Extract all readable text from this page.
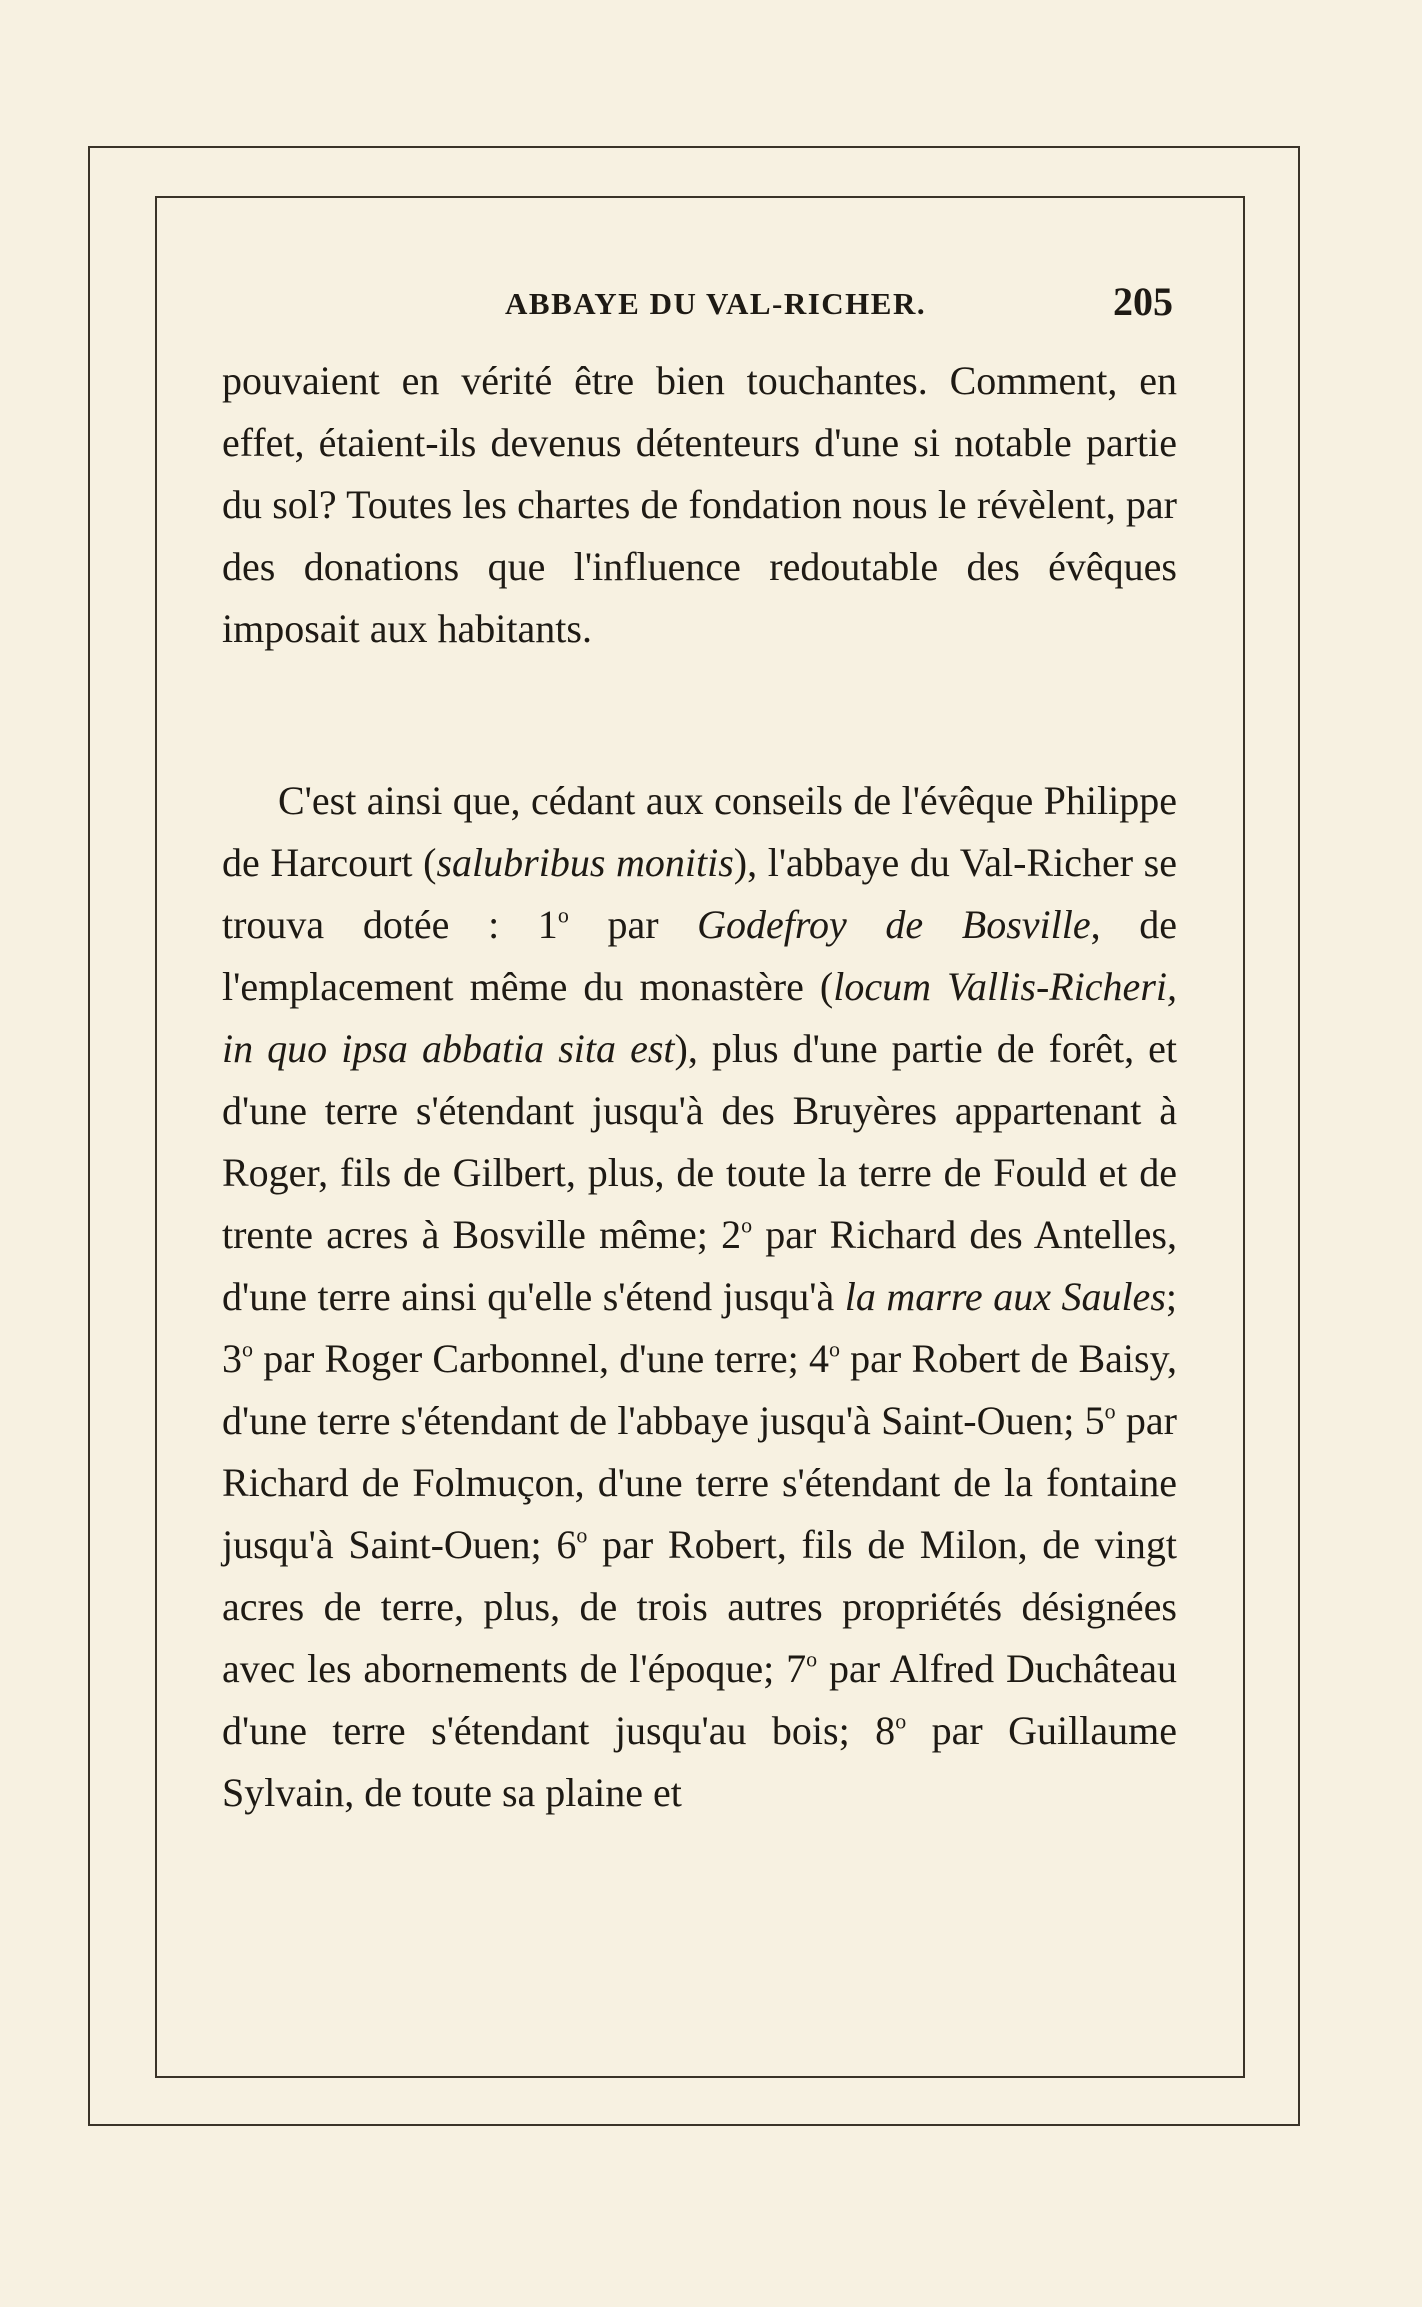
ABBAYE DU VAL-RICHER.	205

pouvaient en vérité être bien touchantes. Comment, en effet, étaient-ils devenus détenteurs d'une si notable partie du sol? Toutes les chartes de fondation nous le révèlent, par des donations que l'influence redoutable des évêques imposait aux habitants.

C'est ainsi que, cédant aux conseils de l'évêque Philippe de Harcourt (salubribus monitis), l'abbaye du Val-Richer se trouva dotée : 1$^o$ par Godefroy de Bosville, de l'emplacement même du monastère (locum Vallis-Richeri, in quo ipsa abbatia sita est), plus d'une partie de forêt, et d'une terre s'étendant jusqu'à des Bruyères appartenant à Roger, fils de Gilbert, plus, de toute la terre de Fould et de trente acres à Bosville même; 2$^o$ par Richard des Antelles, d'une terre ainsi qu'elle s'étend jusqu'à la marre aux Saules; 3$^o$ par Roger Carbonnel, d'une terre; 4$^o$ par Robert de Baisy, d'une terre s'étendant de l'abbaye jusqu'à Saint-Ouen; 5$^o$ par Richard de Folmuçon, d'une terre s'étendant de la fontaine jusqu'à Saint-Ouen; 6$^o$ par Robert, fils de Milon, de vingt acres de terre, plus, de trois autres propriétés désignées avec les abornements de l'époque; 7$^o$ par Alfred Duchâteau d'une terre s'étendant jusqu'au bois; 8$^o$ par Guillaume Sylvain, de toute sa plaine et
